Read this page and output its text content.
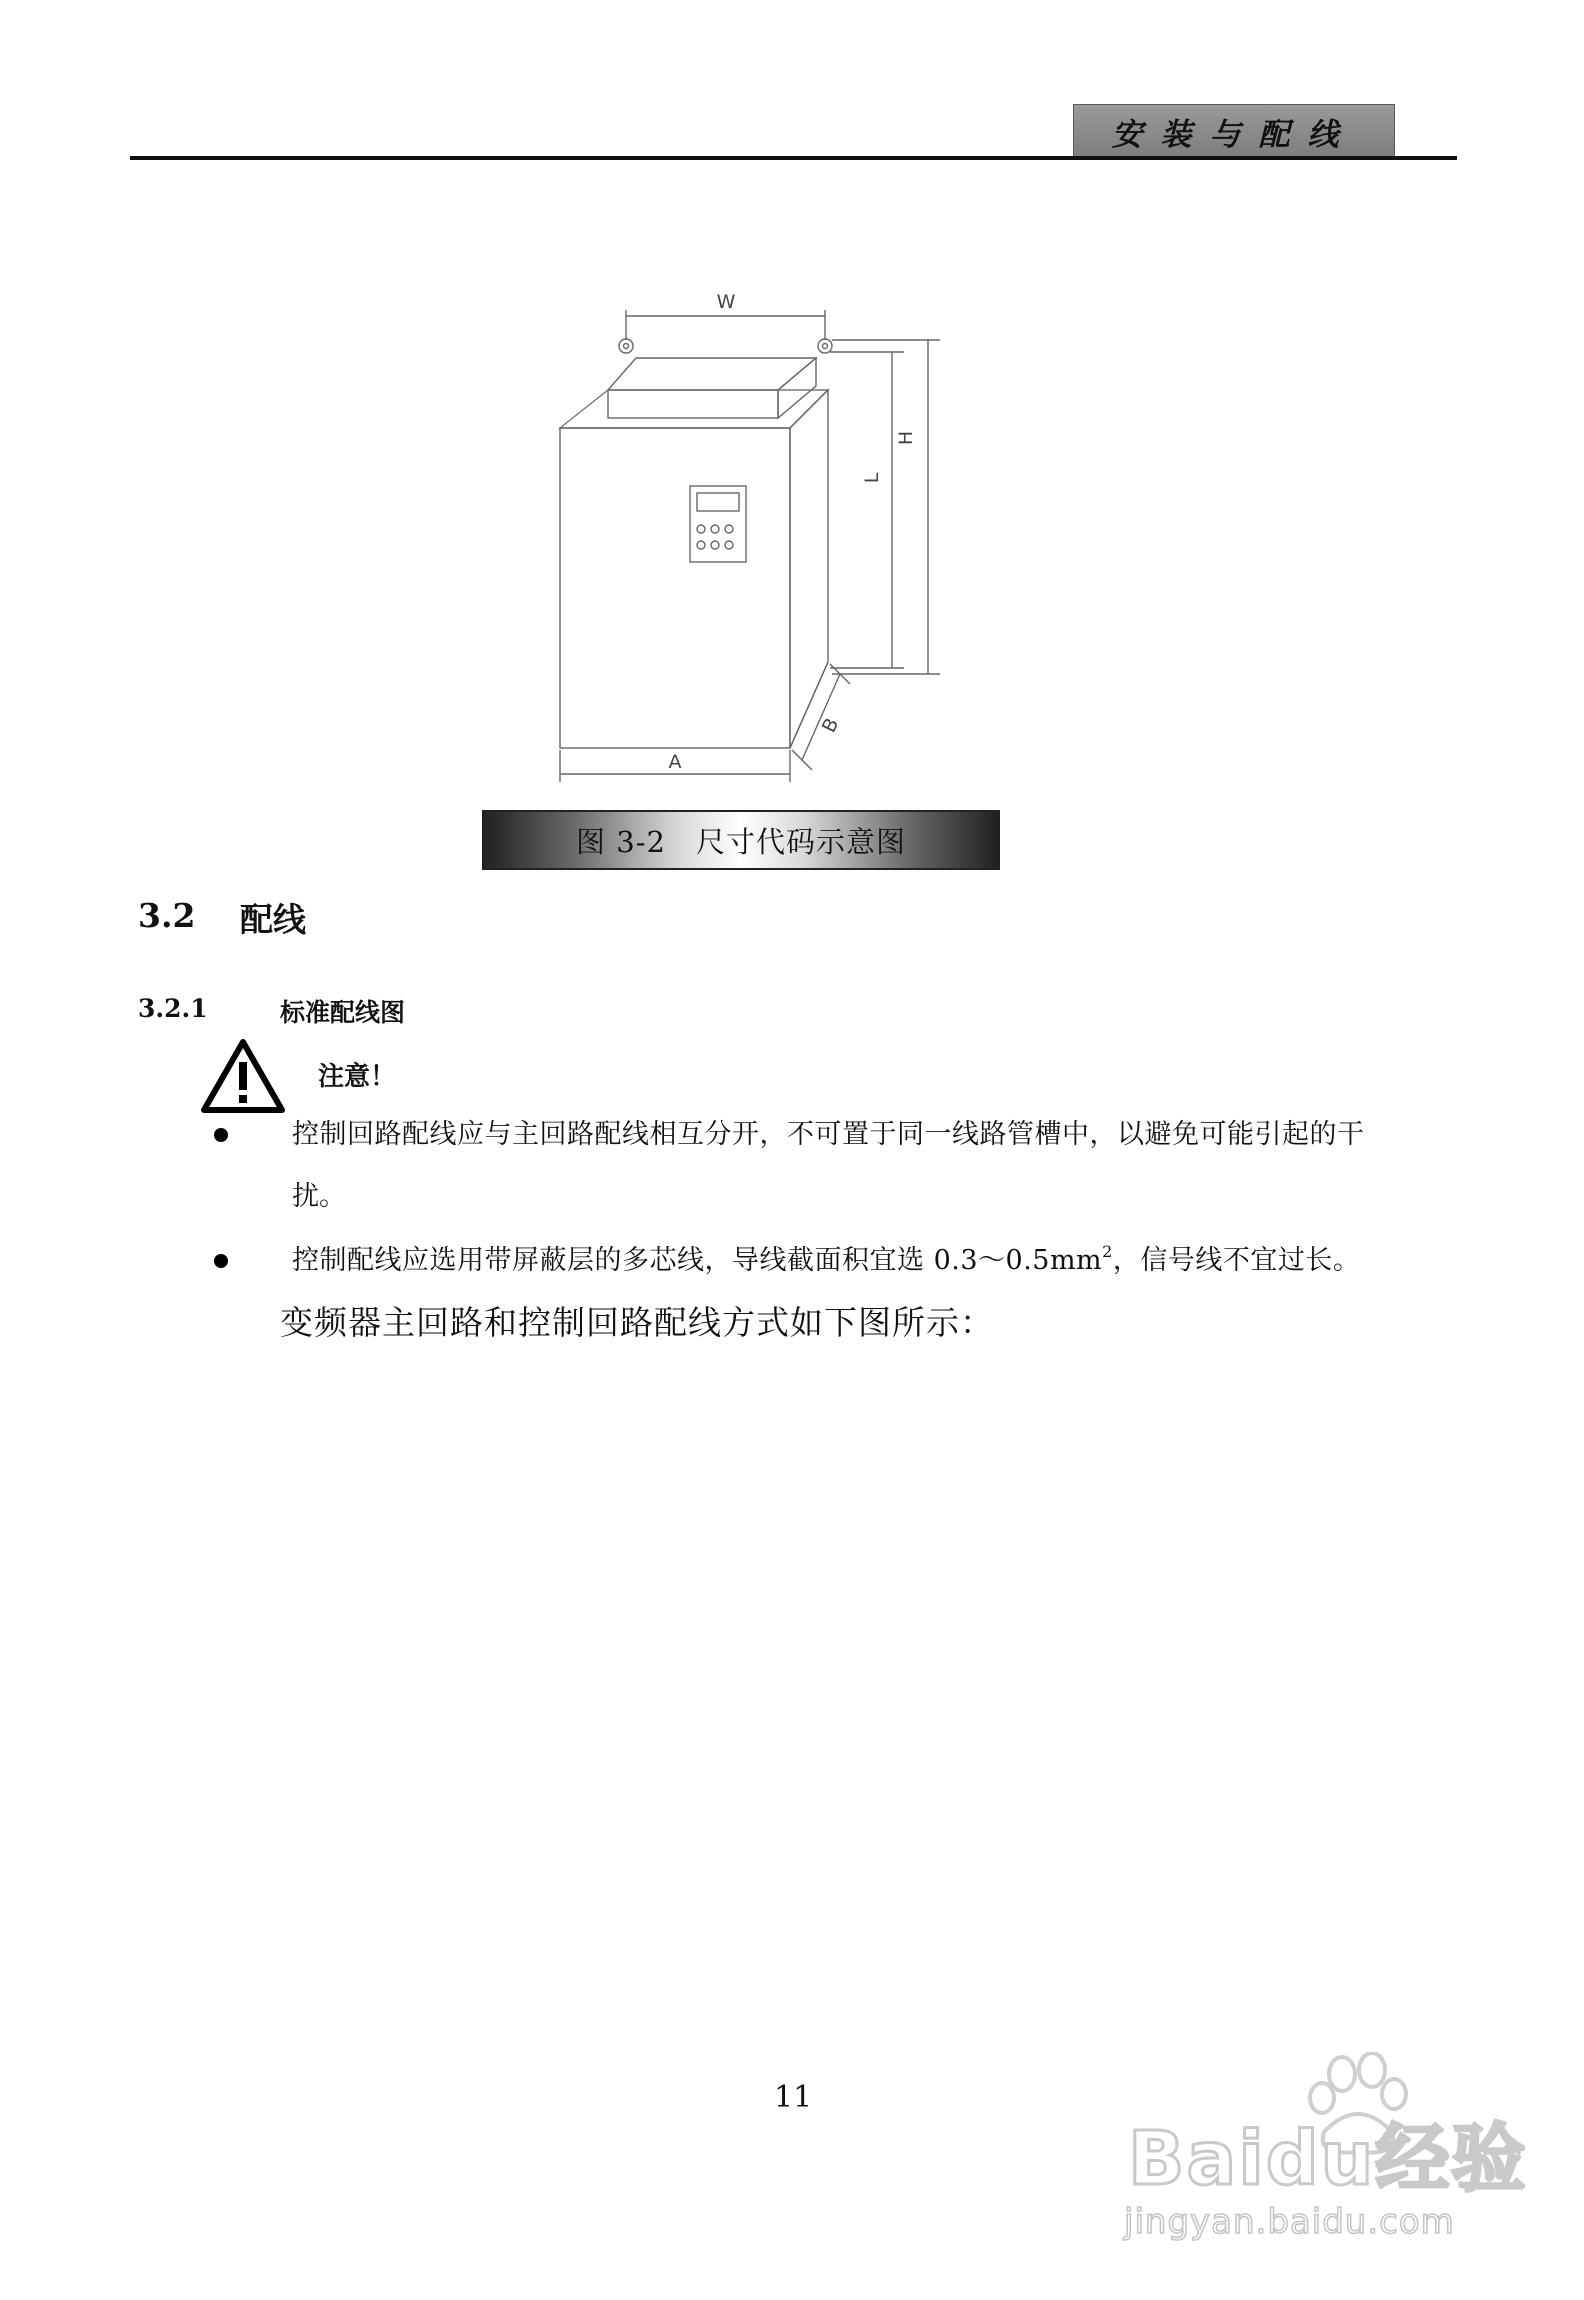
安装与配线
W
H
L
A
B
图 3-2　尺寸代码示意图
3.2 配线
3.2.1	标准配线图
注意！
控制回路配线应与主回路配线相互分开，不可置于同一线路管槽中，以避免可能引起的干
扰。
控制配线应选用带屏蔽层的多芯线，导线截面积宜选 $0.3\sim 0.5mm^2$，信号线不宜过长。
变频器主回路和控制回路配线方式如下图所示：
11
Baidu经验
jingyan.baidu.com
